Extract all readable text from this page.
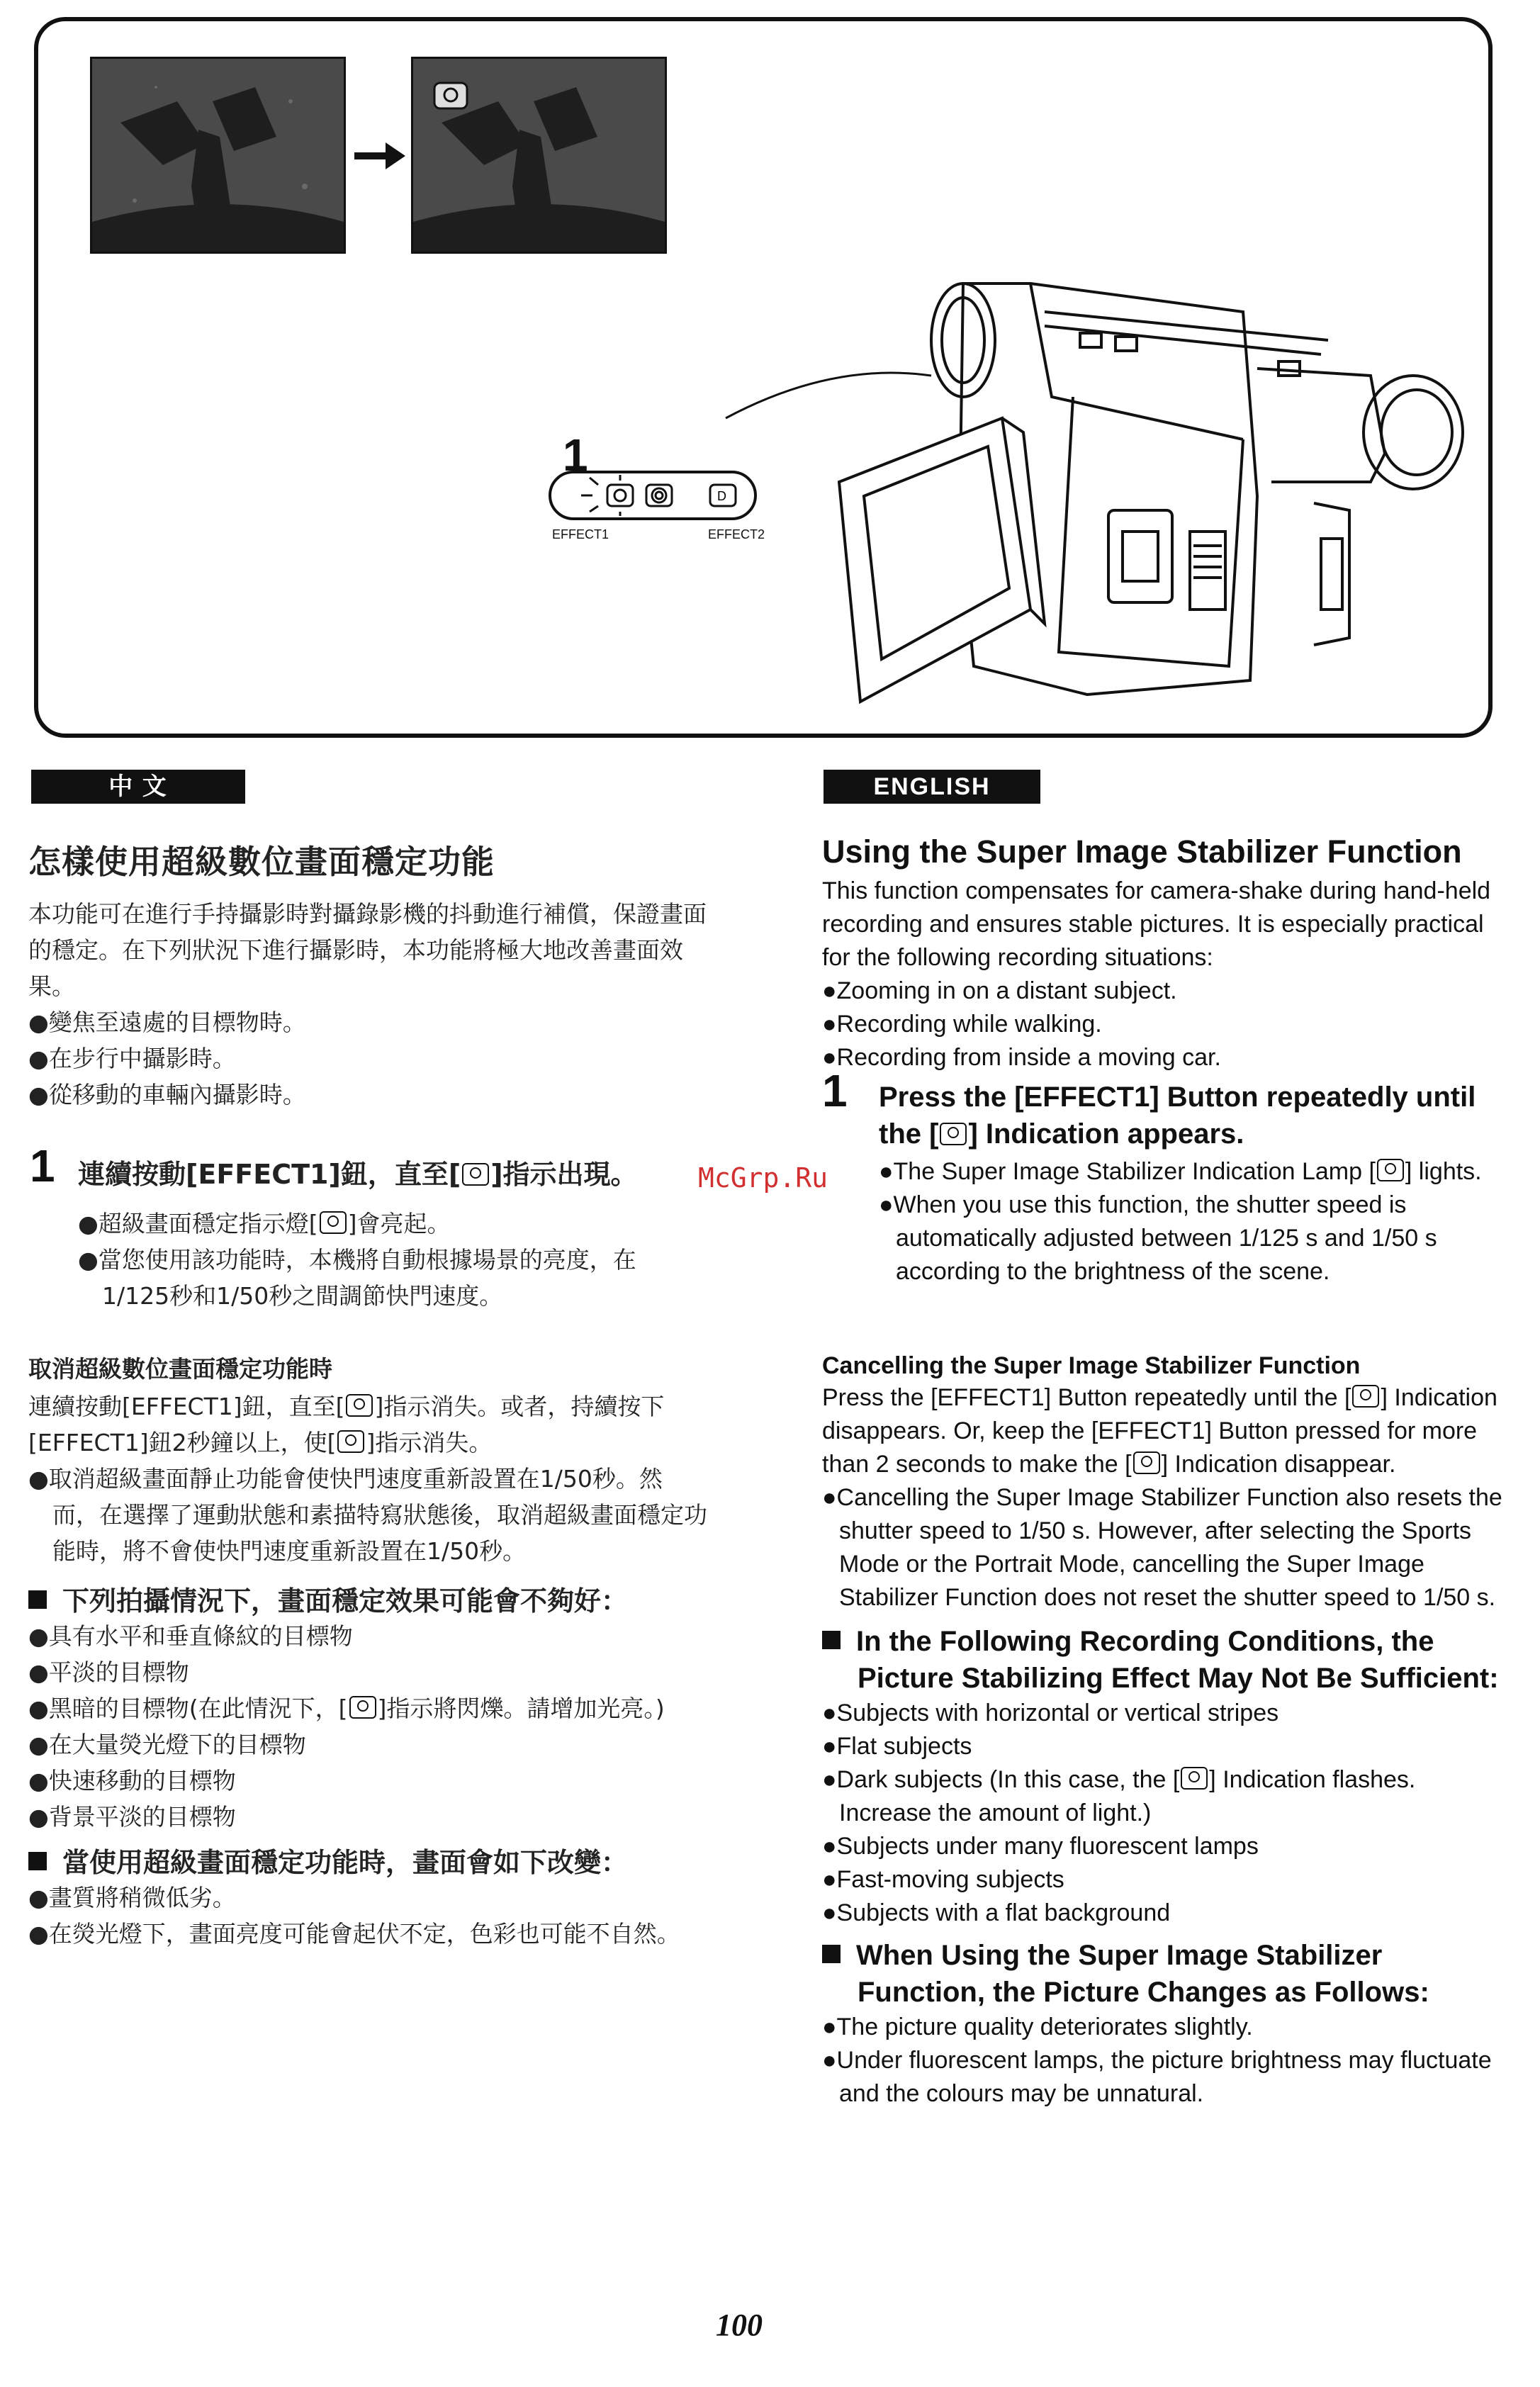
1
D
EFFECT1	EFFECT2
中 文	ENGLISH
怎樣使用超級數位畫面穩定功能
本功能可在進行手持攝影時對攝錄影機的抖動進行補償，保證畫面的穩定。在下列狀況下進行攝影時，本功能將極大地改善畫面效果。
●變焦至遠處的目標物時。
●在步行中攝影時。
●從移動的車輛內攝影時。
1 連續按動[EFFECT1]鈕，直至[ ]指示出現。
●超級畫面穩定指示燈[ ]會亮起。
●當您使用該功能時，本機將自動根據場景的亮度，在1/125秒和1/50秒之間調節快門速度。
取消超級數位畫面穩定功能時
連續按動[EFFECT1]鈕，直至[ ]指示消失。或者，持續按下[EFFECT1]鈕2秒鐘以上，使[ ]指示消失。
●取消超級畫面靜止功能會使快門速度重新設置在1/50秒。然而，在選擇了運動狀態和素描特寫狀態後，取消超級畫面穩定功能時，將不會使快門速度重新設置在1/50秒。
下列拍攝情況下，畫面穩定效果可能會不夠好：
●具有水平和垂直條紋的目標物
●平淡的目標物
●黑暗的目標物(在此情況下，[ ]指示將閃爍。請增加光亮。)
●在大量熒光燈下的目標物
●快速移動的目標物
●背景平淡的目標物
當使用超級畫面穩定功能時，畫面會如下改變：
●畫質將稍微低劣。
●在熒光燈下，畫面亮度可能會起伏不定，色彩也可能不自然。
Using the Super Image Stabilizer Function
This function compensates for camera-shake during hand-held recording and ensures stable pictures. It is especially practical for the following recording situations:
●Zooming in on a distant subject.
●Recording while walking.
●Recording from inside a moving car.
1 Press the [EFFECT1] Button repeatedly until the [ ] Indication appears.
●The Super Image Stabilizer Indication Lamp [ ] lights.
●When you use this function, the shutter speed is automatically adjusted between 1/125 s and 1/50 s according to the brightness of the scene.
Cancelling the Super Image Stabilizer Function
Press the [EFFECT1] Button repeatedly until the [ ] Indication disappears. Or, keep the [EFFECT1] Button pressed for more than 2 seconds to make the [ ] Indication disappear.
●Cancelling the Super Image Stabilizer Function also resets the shutter speed to 1/50 s. However, after selecting the Sports Mode or the Portrait Mode, cancelling the Super Image Stabilizer Function does not reset the shutter speed to 1/50 s.
In the Following Recording Conditions, the Picture Stabilizing Effect May Not Be Sufficient:
●Subjects with horizontal or vertical stripes
●Flat subjects
●Dark subjects (In this case, the [ ] Indication flashes. Increase the amount of light.)
●Subjects under many fluorescent lamps
●Fast-moving subjects
●Subjects with a flat background
When Using the Super Image Stabilizer Function, the Picture Changes as Follows:
●The picture quality deteriorates slightly.
●Under fluorescent lamps, the picture brightness may fluctuate and the colours may be unnatural.
McGrp.Ru
100
